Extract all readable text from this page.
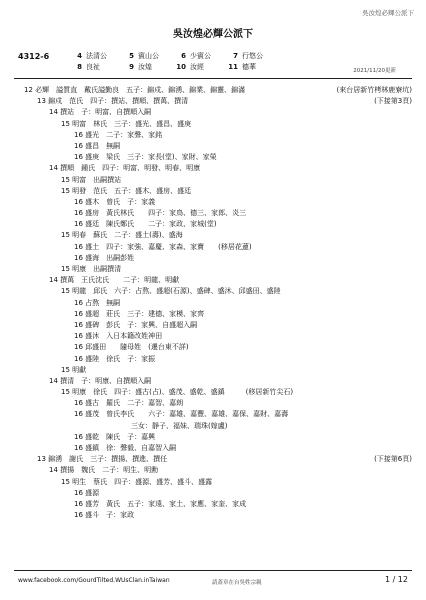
吳汝煌必輝公派下
吳汝煌必輝公派下
4312-6	4 法清公	5 賓山公	6 少賓公	7 行悠公
8 良祉	9 汝煌	10 汝經	11 德華	2021/11/20更新
12 必輝　謚質直　戴氏謚勤良　五子：錦戍、錦湧、錦業、錦靈、錦滿	(來台居新竹栲林鹿寮坑)
13 錦戍　范氏　四子：撰站、撰順、撰萬、撰清	(下接第3頁)
14 撰站　子：明富、自撰順入嗣
15 明富　林氏　三子：盛光、盛昌、盛庚
16 盛光　二子：家聲、家銘
16 盛昌　無嗣
16 盛庚　梁氏　三子：家長(堂)、家財、家榮
14 撰順　鍾氏　四子：明富、明發、明春、明康
15 明富　出嗣撰站
15 明發　范氏　五子：盛木、盛房、盛廷
16 盛木　曾氏　子：家義
16 盛房　黃氏林氏　　四子：家鳥、德三、家郎、炎三
16 盛廷　陳氏鄭氏　　二子：家政、家城(堂)
15 明春　蘇氏　二子：盛土(壽)、盛海
16 盛土　四子：家強、嘉慶、家森、家寶　　(移居花蓮)
16 盛海　出嗣彭姓
15 明康　出嗣撰清
14 撰萬　王氏沈氏　　二子：明龍、明獻
15 明龍　邱氏　六子：占熬、盛超(石源)、盛碑、盛沐、邱盛田、盛陸
16 占熬　無嗣
16 盛超　莊氏　三子：建德、家模、家齊
16 盛碑　彭氏　子：家興、自盛超入嗣
16 盛沐　入日本籍改姓神田
16 邱盛田　　隨母姓　(遷台東不詳)
16 盛陸　徐氏　子：家振
15 明獻
14 撰清　子：明康、自撰順入嗣
15 明康　徐氏　四子：盛古(占)、盛茂、盛乾、盛鎮　　　(移居新竹尖石)
16 盛古　羅氏　二子：嘉智、嘉朗
16 盛茂　曾氏李氏　　六子：嘉雄、嘉豐、嘉雄、嘉保、嘉財、嘉壽
三女：靜子、福妹、瑞珠(嫁盧)
16 盛乾　陳氏　子：嘉興
16 盛鎮　徐：聲毅、自嘉智入嗣
13 錦湧　謝氏　三子：撰揚、撰進、撰任	(下接第6頁)
14 撰揚　魏氏　二子：明生、明勳
15 明生　蔡氏　四子：盛源、盛芳、盛斗、盛露
16 盛源
16 盛芳　黃氏　五子：家遠、家土、家應、家奎、家成
16 盛斗　子：家政
www.facebook.com/GourdTilted.WUsClan.inTaiwan	請蓋章在台吳姓宗親	1 / 12
